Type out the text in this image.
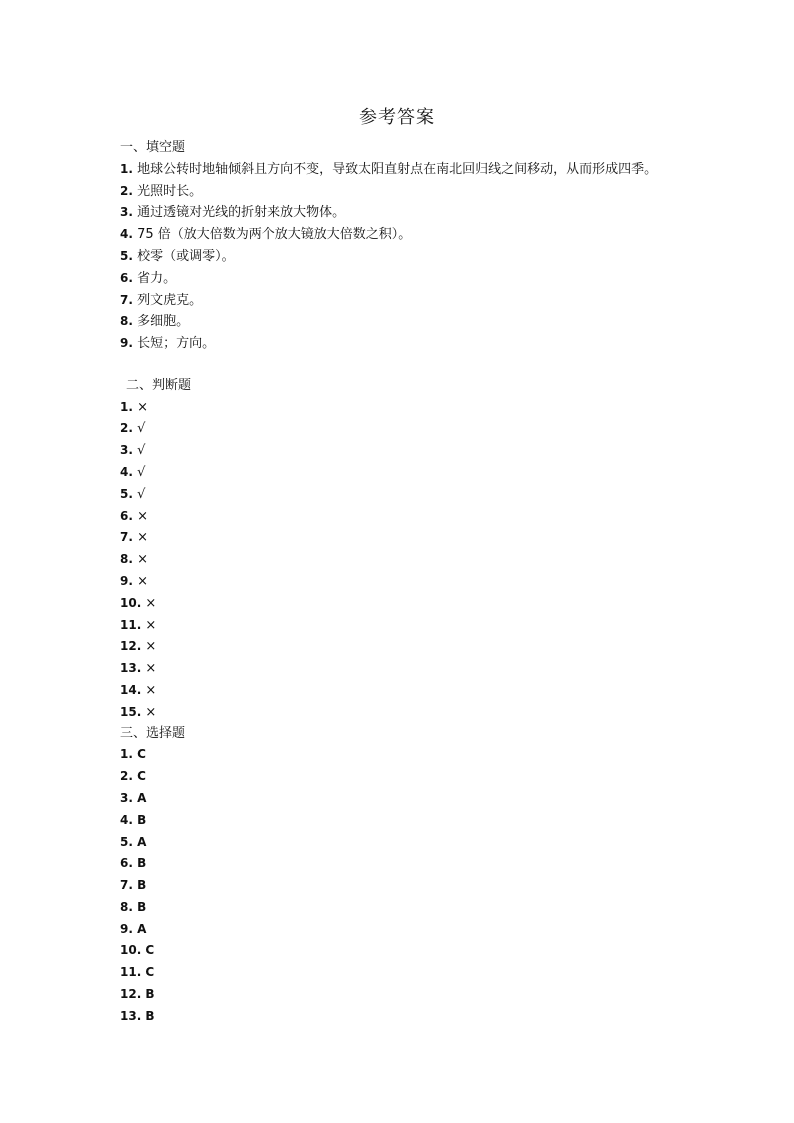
参考答案
一、填空题
1. 地球公转时地轴倾斜且方向不变，导致太阳直射点在南北回归线之间移动，从而形成四季。
2. 光照时长。
3. 通过透镜对光线的折射来放大物体。
4. 75 倍（放大倍数为两个放大镜放大倍数之积）。
5. 校零（或调零）。
6. 省力。
7. 列文虎克。
8. 多细胞。
9. 长短；方向。
二、判断题
1. ×
2. √
3. √
4. √
5. √
6. ×
7. ×
8. ×
9. ×
10. ×
11. ×
12. ×
13. ×
14. ×
15. ×
三、选择题
1. C
2. C
3. A
4. B
5. A
6. B
7. B
8. B
9. A
10. C
11. C
12. B
13. B
